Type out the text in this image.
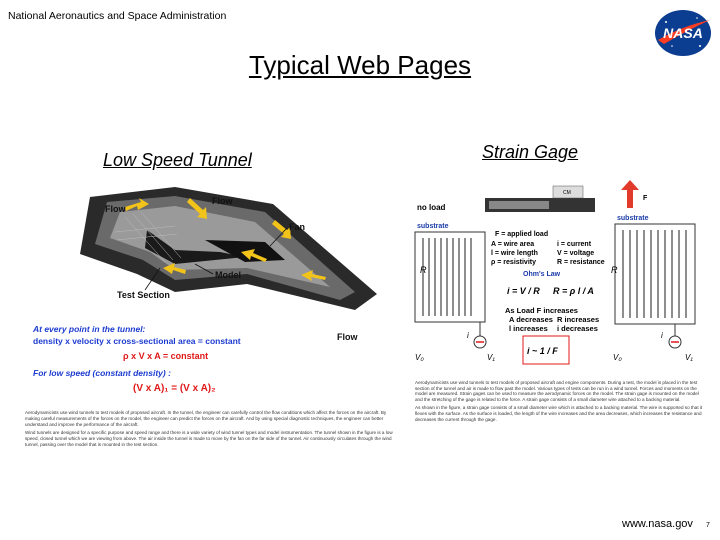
National Aeronautics and Space Administration
NASA
Typical Web Pages
Low Speed Tunnel	Strain Gage
Flow
Flow
Fan
Model
Test Section
Flow
At every point in the tunnel:
density x velocity x cross-sectional area = constant
ρ x V x A = constant
For low speed (constant density) :
(V x A)₁ = (V x A)₂
Aerodynamicists use wind tunnels to test models of proposed aircraft. In the tunnel, the engineer can carefully control the flow conditions which affect the forces on the aircraft. By making careful measurements of the forces on the model, the engineer can predict the forces on the aircraft. And by using special diagnostic techniques, the engineer can better understand and improve the performance of the aircraft.
Wind tunnels are designed for a specific purpose and speed range and there is a wide variety of wind tunnel types and model instrumentation. The tunnel shown in the figure is a low speed, closed tunnel which we are viewing from above. The air inside the tunnel is made to move by the fan on the far side of the tunnel. Air continuously circulates through the wind tunnel, passing over the model that is mounted in the test section.
no load
CM
F
substrate
R
substrate
R
F = applied load
A = wire area
l = wire length
ρ = resistivity
i = current
V = voltage
R = resistance
Ohm's Law
i = V / R R = ρ l / A
As Load F increases
A decreases R increases
l increases i decreases
i
V₀	V₁
i
V₀	V₁
i ~ 1 / F
Aerodynamicists use wind tunnels to test models of proposed aircraft and engine components. During a test, the model is placed in the test section of the tunnel and air is made to flow past the model. Various types of tests can be run in a wind tunnel. Forces and moments on the model are measured. Strain gages can be used to measure the aerodynamic forces on the model. The strain gage is mounted on the model and the stretching of the gage is related to the force. A strain gage consists of a small diameter wire attached to a backing material.
As shown in the figure, a strain gage consists of a small diameter wire which is attached to a backing material. The wire is supported so that it flexes with the surface. As the surface is loaded, the length of the wire increases and the area decreases, which increases the resistance and decreases the current through the gage.
www.nasa.gov 7
